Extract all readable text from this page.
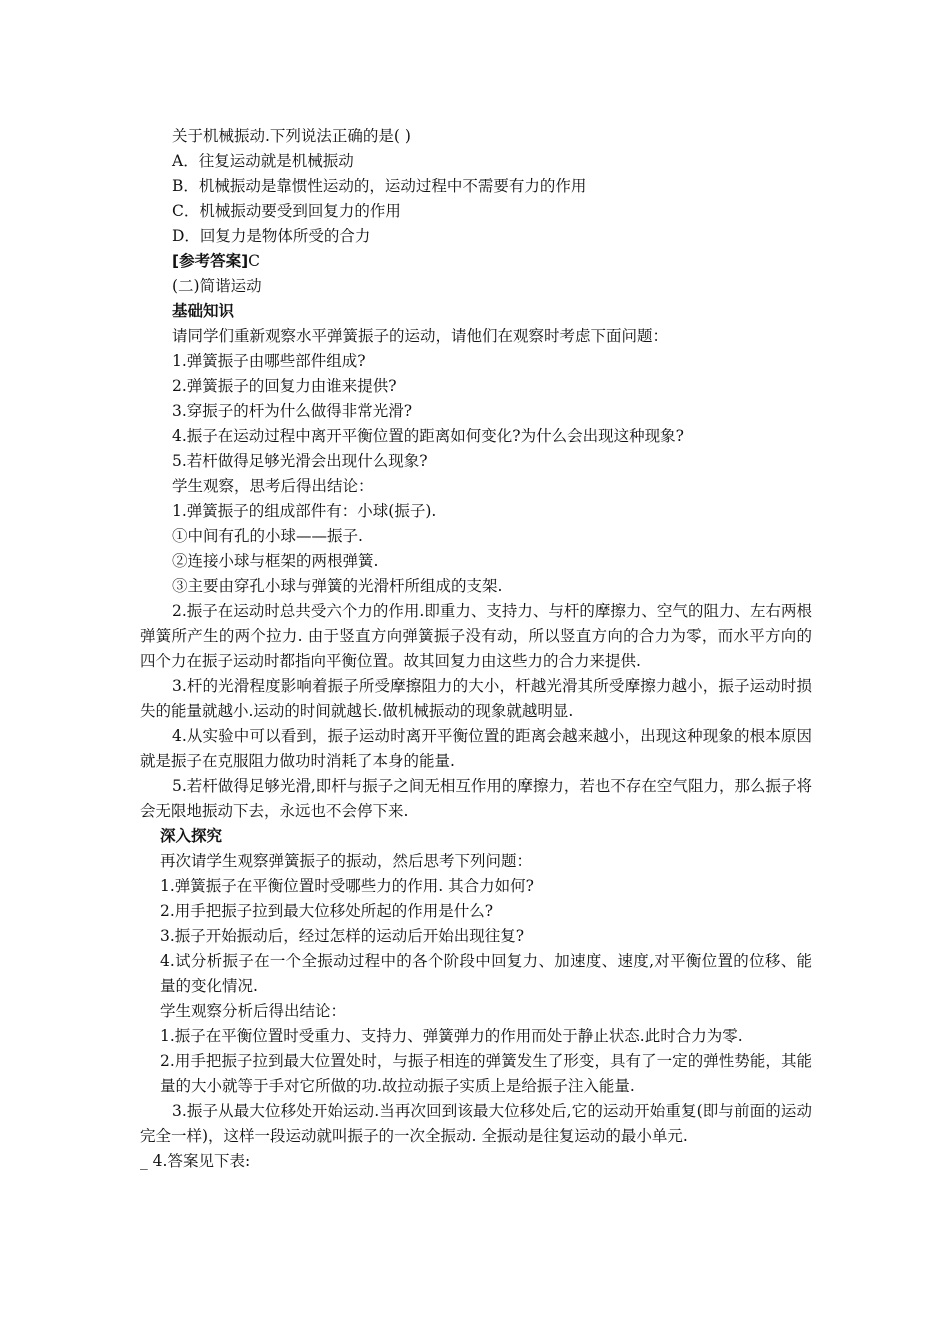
关于机械振动.下列说法正确的是( )
A．往复运动就是机械振动
B．机械振动是靠惯性运动的，运动过程中不需要有力的作用
C．机械振动要受到回复力的作用
D．回复力是物体所受的合力
[参考答案]C
(二)简谐运动
基础知识
请同学们重新观察水平弹簧振子的运动，请他们在观察时考虑下面问题：
1.弹簧振子由哪些部件组成?
2.弹簧振子的回复力由谁来提供?
3.穿振子的杆为什么做得非常光滑?
4.振子在运动过程中离开平衡位置的距离如何变化?为什么会出现这种现象?
5.若杆做得足够光滑会出现什么现象?
学生观察，思考后得出结论：
1.弹簧振子的组成部件有：小球(振子).
①中间有孔的小球——振子.
②连接小球与框架的两根弹簧.
③主要由穿孔小球与弹簧的光滑杆所组成的支架.
2.振子在运动时总共受六个力的作用.即重力、支持力、与杆的摩擦力、空气的阻力、左右两根弹簧所产生的两个拉力. 由于竖直方向弹簧振子没有动，所以竖直方向的合力为零，而水平方向的四个力在振子运动时都指向平衡位置。故其回复力由这些力的合力来提供.
3.杆的光滑程度影响着振子所受摩擦阻力的大小，杆越光滑其所受摩擦力越小，振子运动时损失的能量就越小.运动的时间就越长.做机械振动的现象就越明显.
4.从实验中可以看到，振子运动时离开平衡位置的距离会越来越小，出现这种现象的根本原因就是振子在克服阻力做功时消耗了本身的能量.
5.若杆做得足够光滑,即杆与振子之间无相互作用的摩擦力，若也不存在空气阻力，那么振子将会无限地振动下去，永远也不会停下来.
深入探究
再次请学生观察弹簧振子的振动，然后思考下列问题：
1.弹簧振子在平衡位置时受哪些力的作用. 其合力如何?
2.用手把振子拉到最大位移处所起的作用是什么?
3.振子开始振动后，经过怎样的运动后开始出现往复?
4.试分析振子在一个全振动过程中的各个阶段中回复力、加速度、速度,对平衡位置的位移、能量的变化情况.
学生观察分析后得出结论：
1.振子在平衡位置时受重力、支持力、弹簧弹力的作用而处于静止状态.此时合力为零.
2.用手把振子拉到最大位置处时，与振子相连的弹簧发生了形变，具有了一定的弹性势能，其能量的大小就等于手对它所做的功.故拉动振子实质上是给振子注入能量.
3.振子从最大位移处开始运动.当再次回到该最大位移处后,它的运动开始重复(即与前面的运动完全一样)，这样一段运动就叫振子的一次全振动. 全振动是往复运动的最小单元.
_ 4.答案见下表:
